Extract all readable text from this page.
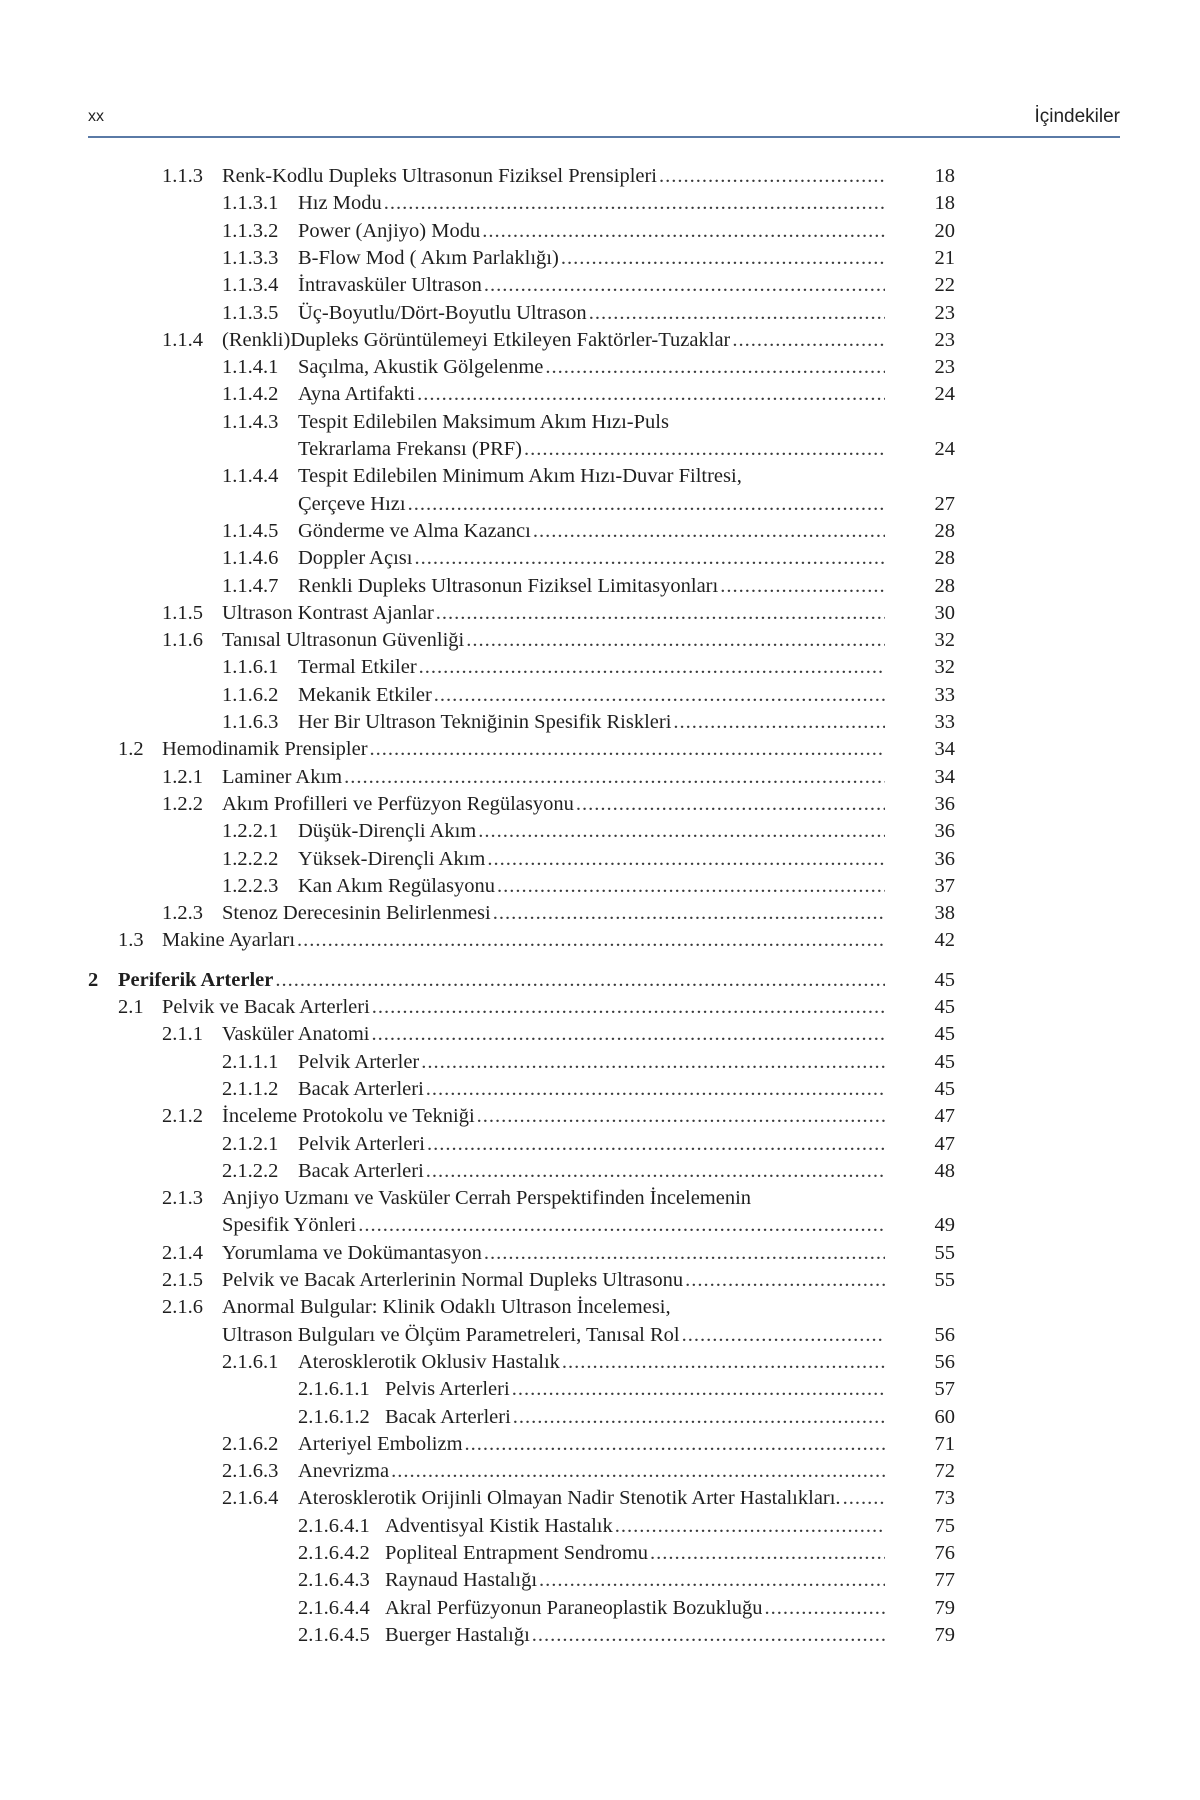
xx	İçindekiler
1.1.3 Renk-Kodlu Dupleks Ultrasonun Fiziksel Prensipleri .....	18
1.1.3.1 Hız Modu .....	18
1.1.3.2 Power (Anjiyo) Modu .....	20
1.1.3.3 B-Flow Mod ( Akım Parlaklığı) .....	21
1.1.3.4 İntravasküler Ultrason .....	22
1.1.3.5 Üç-Boyutlu/Dört-Boyutlu Ultrason .....	23
1.1.4 (Renkli)Dupleks Görüntülemeyi Etkileyen Faktörler-Tuzaklar .....	23
1.1.4.1 Saçılma, Akustik Gölgelenme .....	23
1.1.4.2 Ayna Artifakti .....	24
1.1.4.3 Tespit Edilebilen Maksimum Akım Hızı-Puls
Tekrarlama Frekansı (PRF) .....	24
1.1.4.4 Tespit Edilebilen Minimum Akım Hızı-Duvar Filtresi,
Çerçeve Hızı .....	27
1.1.4.5 Gönderme ve Alma Kazancı .....	28
1.1.4.6 Doppler Açısı .....	28
1.1.4.7 Renkli Dupleks Ultrasonun Fiziksel Limitasyonları .....	28
1.1.5 Ultrason Kontrast Ajanlar .....	30
1.1.6 Tanısal Ultrasonun Güvenliği .....	32
1.1.6.1 Termal Etkiler .....	32
1.1.6.2 Mekanik Etkiler .....	33
1.1.6.3 Her Bir Ultrason Tekniğinin Spesifik Riskleri .....	33
1.2 Hemodinamik Prensipler .....	34
1.2.1 Laminer Akım .....	34
1.2.2 Akım Profilleri ve Perfüzyon Regülasyonu .....	36
1.2.2.1 Düşük-Dirençli Akım .....	36
1.2.2.2 Yüksek-Dirençli Akım .....	36
1.2.2.3 Kan Akım Regülasyonu .....	37
1.2.3 Stenoz Derecesinin Belirlenmesi .....	38
1.3 Makine Ayarları .....	42
2 Periferik Arterler .....	45
2.1 Pelvik ve Bacak Arterleri .....	45
2.1.1 Vasküler Anatomi .....	45
2.1.1.1 Pelvik Arterler .....	45
2.1.1.2 Bacak Arterleri .....	45
2.1.2 İnceleme Protokolu ve Tekniği .....	47
2.1.2.1 Pelvik Arterleri .....	47
2.1.2.2 Bacak Arterleri .....	48
2.1.3 Anjiyo Uzmanı ve Vasküler Cerrah Perspektifinden İncelemenin
Spesifik Yönleri .....	49
2.1.4 Yorumlama ve Dokümantasyon .....	55
2.1.5 Pelvik ve Bacak Arterlerinin Normal Dupleks Ultrasonu .....	55
2.1.6 Anormal Bulgular: Klinik Odaklı Ultrason İncelemesi,
Ultrason Bulguları ve Ölçüm Parametreleri, Tanısal Rol .....	56
2.1.6.1 Aterosklerotik Oklusiv Hastalık .....	56
2.1.6.1.1 Pelvis Arterleri .....	57
2.1.6.1.2 Bacak Arterleri .....	60
2.1.6.2 Arteriyel Embolizm .....	71
2.1.6.3 Anevrizma .....	72
2.1.6.4 Aterosklerotik Orijinli Olmayan Nadir Stenotik Arter Hastalıkları. .....	73
2.1.6.4.1 Adventisyal Kistik Hastalık .....	75
2.1.6.4.2 Popliteal Entrapment Sendromu .....	76
2.1.6.4.3 Raynaud Hastalığı .....	77
2.1.6.4.4 Akral Perfüzyonun Paraneoplastik Bozukluğu .....	79
2.1.6.4.5 Buerger Hastalığı .....	79
